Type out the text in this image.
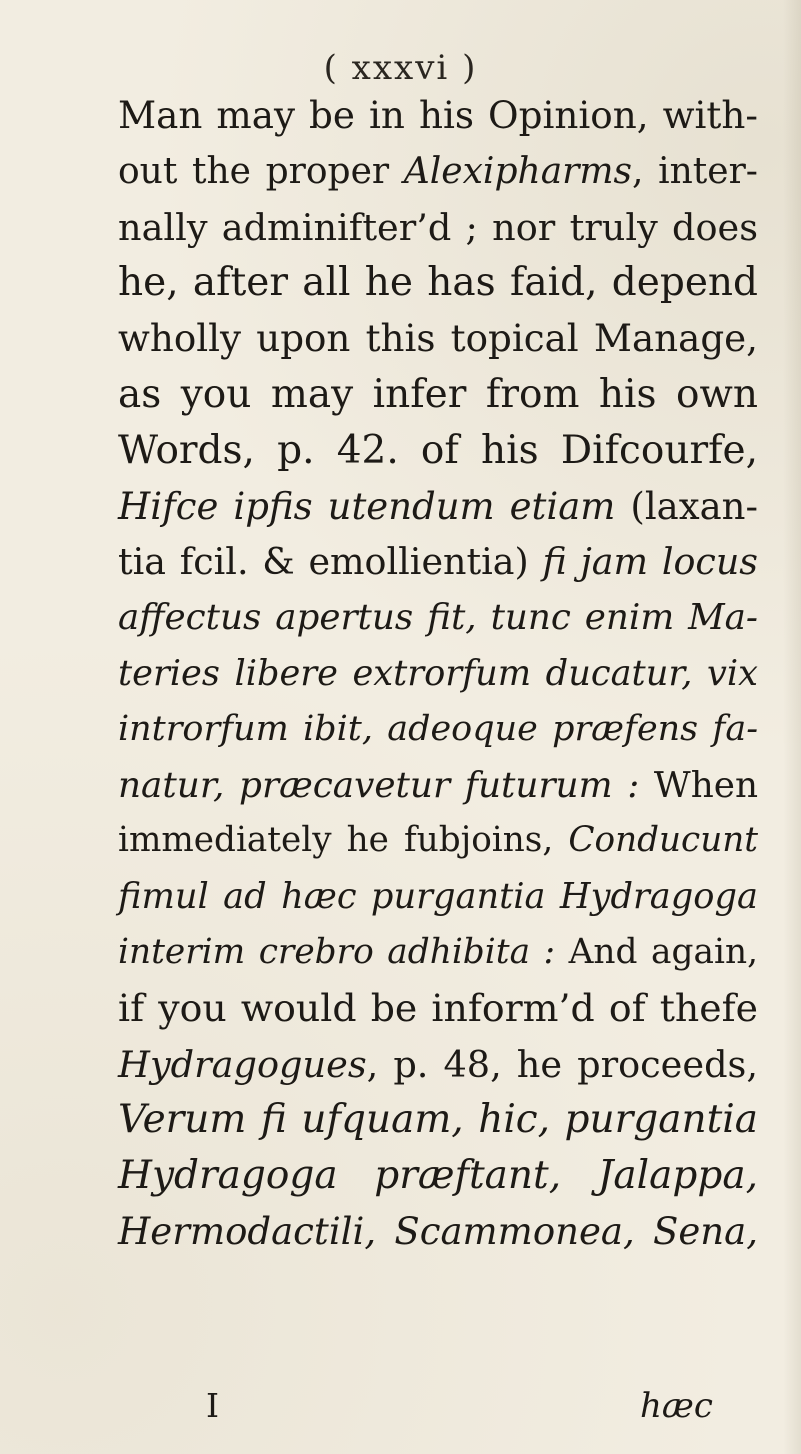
( xxxvi )
Man may be in his Opinion, with-
out the proper Alexipharms, inter-
nally adminifter’d ; nor truly does
he, after all he has faid, depend
wholly upon this topical Manage,
as you may infer from his own
Words, p. 42. of his Difcourfe,
Hifce ipfis utendum etiam (laxan-
tia fcil. & emollientia) fi jam locus
affectus apertus fit, tunc enim Ma-
teries libere extrorfum ducatur, vix
introrfum ibit, adeoque præfens fa-
natur, præcavetur futurum : When
immediately he fubjoins, Conducunt
fimul ad hæc purgantia Hydragoga
interim crebro adhibita : And again,
if you would be inform’d of thefe
Hydragogues, p. 48, he proceeds,
Verum fi ufquam, hic, purgantia
Hydragoga præftant, Jalappa,
Hermodactili, Scammonea, Sena,
I	hæc
